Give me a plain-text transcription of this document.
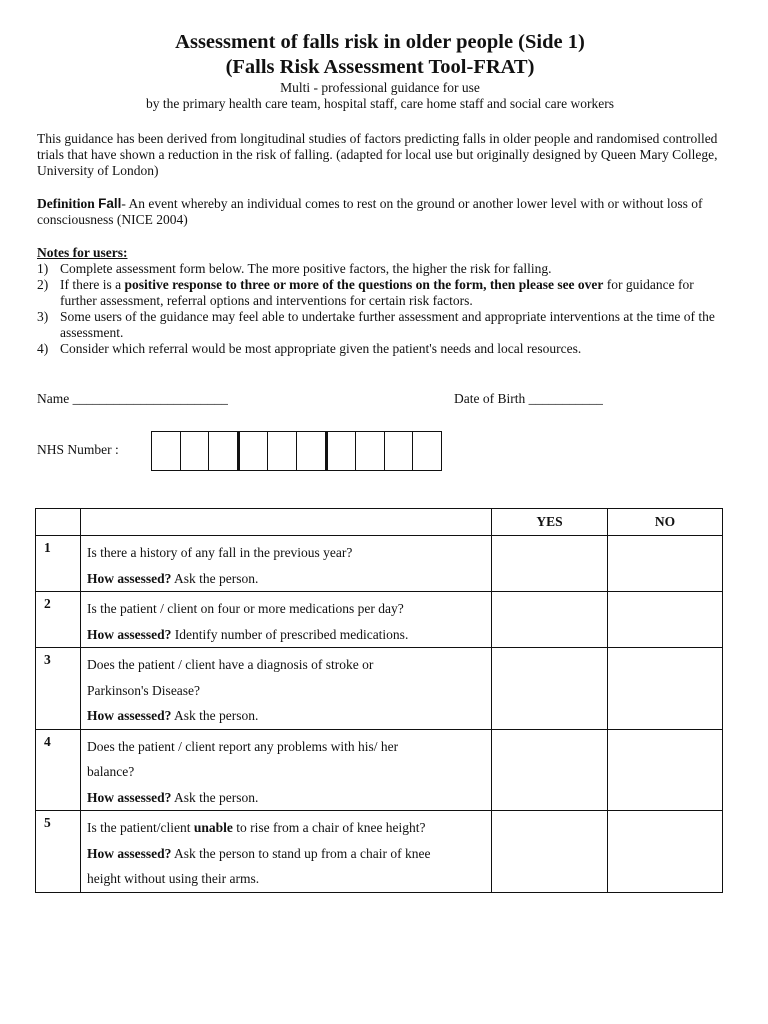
Assessment of falls risk in older people (Side 1)

(Falls Risk Assessment Tool-FRAT)

Multi - professional guidance for use

by the primary health care team, hospital staff, care home staff and social care workers

This guidance has been derived from longitudinal studies of factors predicting falls in older people and randomised controlled trials that have shown a reduction in the risk of falling. (adapted for local use but originally designed by Queen Mary College, University of London)

Definition Fall- An event whereby an individual comes to rest on the ground or another lower level with or without loss of consciousness (NICE 2004)

Notes for users:

1) Complete assessment form below. The more positive factors, the higher the risk for falling.
2) If there is a positive response to three or more of the questions on the form, then please see over for guidance for further assessment, referral options and interventions for certain risk factors.
3) Some users of the guidance may feel able to undertake further assessment and appropriate interventions at the time of the assessment.
4) Consider which referral would be most appropriate given the patient's needs and local resources.
Name _______________________	Date of Birth ___________
NHS Number :
		YES	NO
1	Is there a history of any fall in the previous year?
How assessed? Ask the person.		

2	Is the patient / client on four or more medications per day?
How assessed? Identify number of prescribed medications.		

3	Does the patient / client have a diagnosis of stroke or
Parkinson's Disease?
How assessed? Ask the person.		

4	Does the patient / client report any problems with his/ her
balance?
How assessed? Ask the person.		

5	Is the patient/client unable to rise from a chair of knee height?
How assessed? Ask the person to stand up from a chair of knee
height without using their arms.		
